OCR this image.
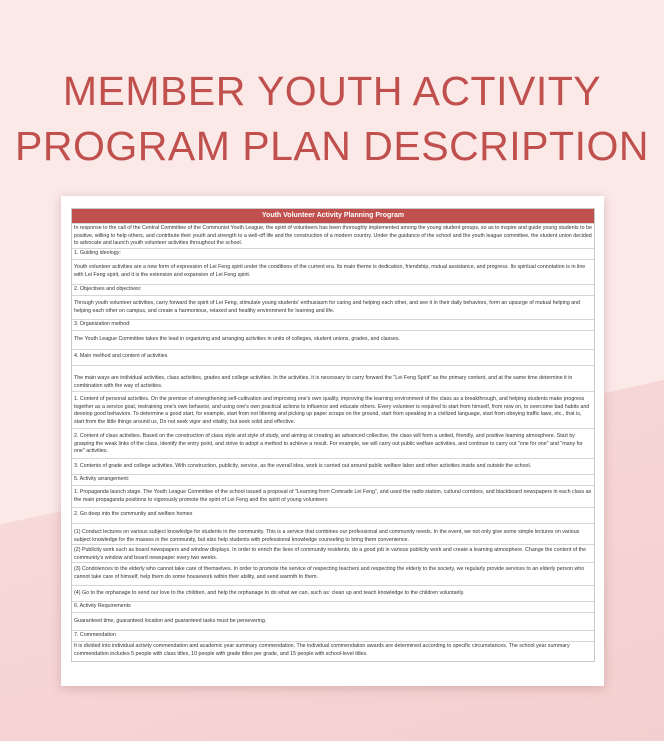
MEMBER YOUTH ACTIVITY
PROGRAM PLAN DESCRIPTION
Youth Volunteer Activity Planning Program
In response to the call of the Central Committee of the Communist Youth League, the spirit of volunteers has been thoroughly implemented among the young student groups, so as to inspire and guide young students to be positive, willing to help others, and contribute their youth and strength to a well-off life and the construction of a modern country. Under the guidance of the school and the youth league committee, the student union decided to advocate and launch youth volunteer activities throughout the school.
1. Guiding ideology:
Youth volunteer activities are a new form of expression of Lei Feng spirit under the conditions of the current era. Its main theme is dedication, friendship, mutual assistance, and progress. Its spiritual connotation is in line with Lei Feng spirit, and it is the extension and expansion of Lei Feng spirit.
2. Objectives and objectives:
Through youth volunteer activities, carry forward the spirit of Lei Feng, stimulate young students' enthusiasm for caring and helping each other, and see it in their daily behaviors, form an upsurge of mutual helping and helping each other on campus, and create a harmonious, relaxed and healthy environment for learning and life.
3. Organization method:
The Youth League Committee takes the lead in organizing and arranging activities in units of colleges, student unions, grades, and classes.
4. Main method and content of activities
The main ways are individual activities, class activities, grades and college activities. In the activities, it is necessary to carry forward the "Lei Feng Spirit" as the primary content, and at the same time determine it in combination with the way of activities.
1. Content of personal activities. On the premise of strengthening self-cultivation and improving one's own quality, improving the learning environment of the class as a breakthrough, and helping students make progress together as a service goal, restraining one's own behavior, and using one's own practical actions to influence and educate others. Every volunteer is required to start from himself, from now on, to overcome bad habits and develop good behaviors. To determine a good start, for example, start from not littering and picking up paper scraps on the ground, start from speaking in a civilized language, start from obeying traffic laws, etc., that is, start from the little things around us, Do not seek vigor and vitality, but seek solid and effective.
2. Content of class activities. Based on the construction of class style and style of study, and aiming at creating an advanced collective, the class will form a united, friendly, and positive learning atmosphere. Start by grasping the weak links of the class, identify the entry point, and strive to adopt a method to achieve a result. For example, we will carry out public welfare activities, and continue to carry out "one for one" and "many for one" activities.
3. Contents of grade and college activities. With construction, publicity, service, as the overall idea, work is carried out around public welfare labor and other activities inside and outside the school.
5. Activity arrangement:
1. Propaganda launch stage. The Youth League Committee of the school issued a proposal of "Learning from Comrade Lei Feng", and used the radio station, cultural corridors, and blackboard newspapers in each class as the main propaganda positions to vigorously promote the spirit of Lei Feng and the spirit of young volunteers
2. Go deep into the community and welfare homes
(1) Conduct lectures on various subject knowledge for students in the community. This is a service that combines our professional and community needs. In the event, we not only give some simple lectures on various subject knowledge for the masses in the community, but also help students with professional knowledge counseling to bring them convenience.
(2) Publicity work such as board newspapers and window displays. In order to enrich the lives of community residents, do a good job in various publicity work and create a learning atmosphere. Change the content of the community's window and board newspaper every two weeks.
(3) Condolences to the elderly who cannot take care of themselves. In order to promote the service of respecting teachers and respecting the elderly to the society, we regularly provide services to an elderly person who cannot take care of himself, help them do some housework within their ability, and send warmth to them.
(4) Go to the orphanage to send our love to the children, and help the orphanage to do what we can, such as: clean up and teach knowledge to the children voluntarily.
6. Activity Requirements
Guaranteed time, guaranteed location and guaranteed tasks must be persevering.
7. Commendation
It is divided into individual activity commendation and academic year summary commendation. The individual commendation awards are determined according to specific circumstances. The school year summary commendation includes 5 people with class titles, 10 people with grade titles per grade, and 15 people with school-level titles.
